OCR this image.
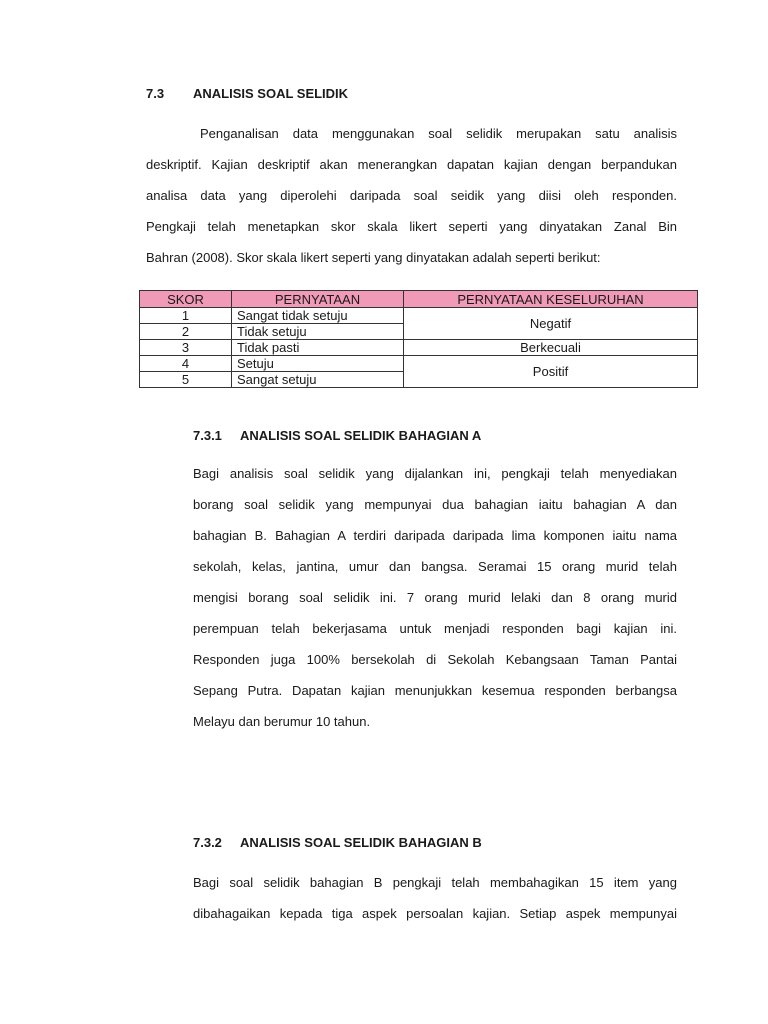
7.3 ANALISIS SOAL SELIDIK
Penganalisan data menggunakan soal selidik merupakan satu analisis
deskriptif. Kajian deskriptif akan menerangkan dapatan kajian dengan berpandukan
analisa data yang diperolehi daripada soal seidik yang diisi oleh responden.
Pengkaji telah menetapkan skor skala likert seperti yang dinyatakan Zanal Bin
Bahran (2008). Skor skala likert seperti yang dinyatakan adalah seperti berikut:
SKOR	PERNYATAAN	PERNYATAAN KESELURUHAN
1	Sangat tidak setuju	Negatif
2	Tidak setuju	
3	Tidak pasti	Berkecuali
4	Setuju	Positif
5	Sangat setuju	
7.3.1 ANALISIS SOAL SELIDIK BAHAGIAN A
Bagi analisis soal selidik yang dijalankan ini, pengkaji telah menyediakan
borang soal selidik yang mempunyai dua bahagian iaitu bahagian A dan
bahagian B. Bahagian A terdiri daripada daripada lima komponen iaitu nama
sekolah, kelas, jantina, umur dan bangsa. Seramai 15 orang murid telah
mengisi borang soal selidik ini. 7 orang murid lelaki dan 8 orang murid
perempuan telah bekerjasama untuk menjadi responden bagi kajian ini.
Responden juga 100% bersekolah di Sekolah Kebangsaan Taman Pantai
Sepang Putra. Dapatan kajian menunjukkan kesemua responden berbangsa
Melayu dan berumur 10 tahun.
7.3.2 ANALISIS SOAL SELIDIK BAHAGIAN B
Bagi soal selidik bahagian B pengkaji telah membahagikan 15 item yang
dibahagaikan kepada tiga aspek persoalan kajian. Setiap aspek mempunyai
